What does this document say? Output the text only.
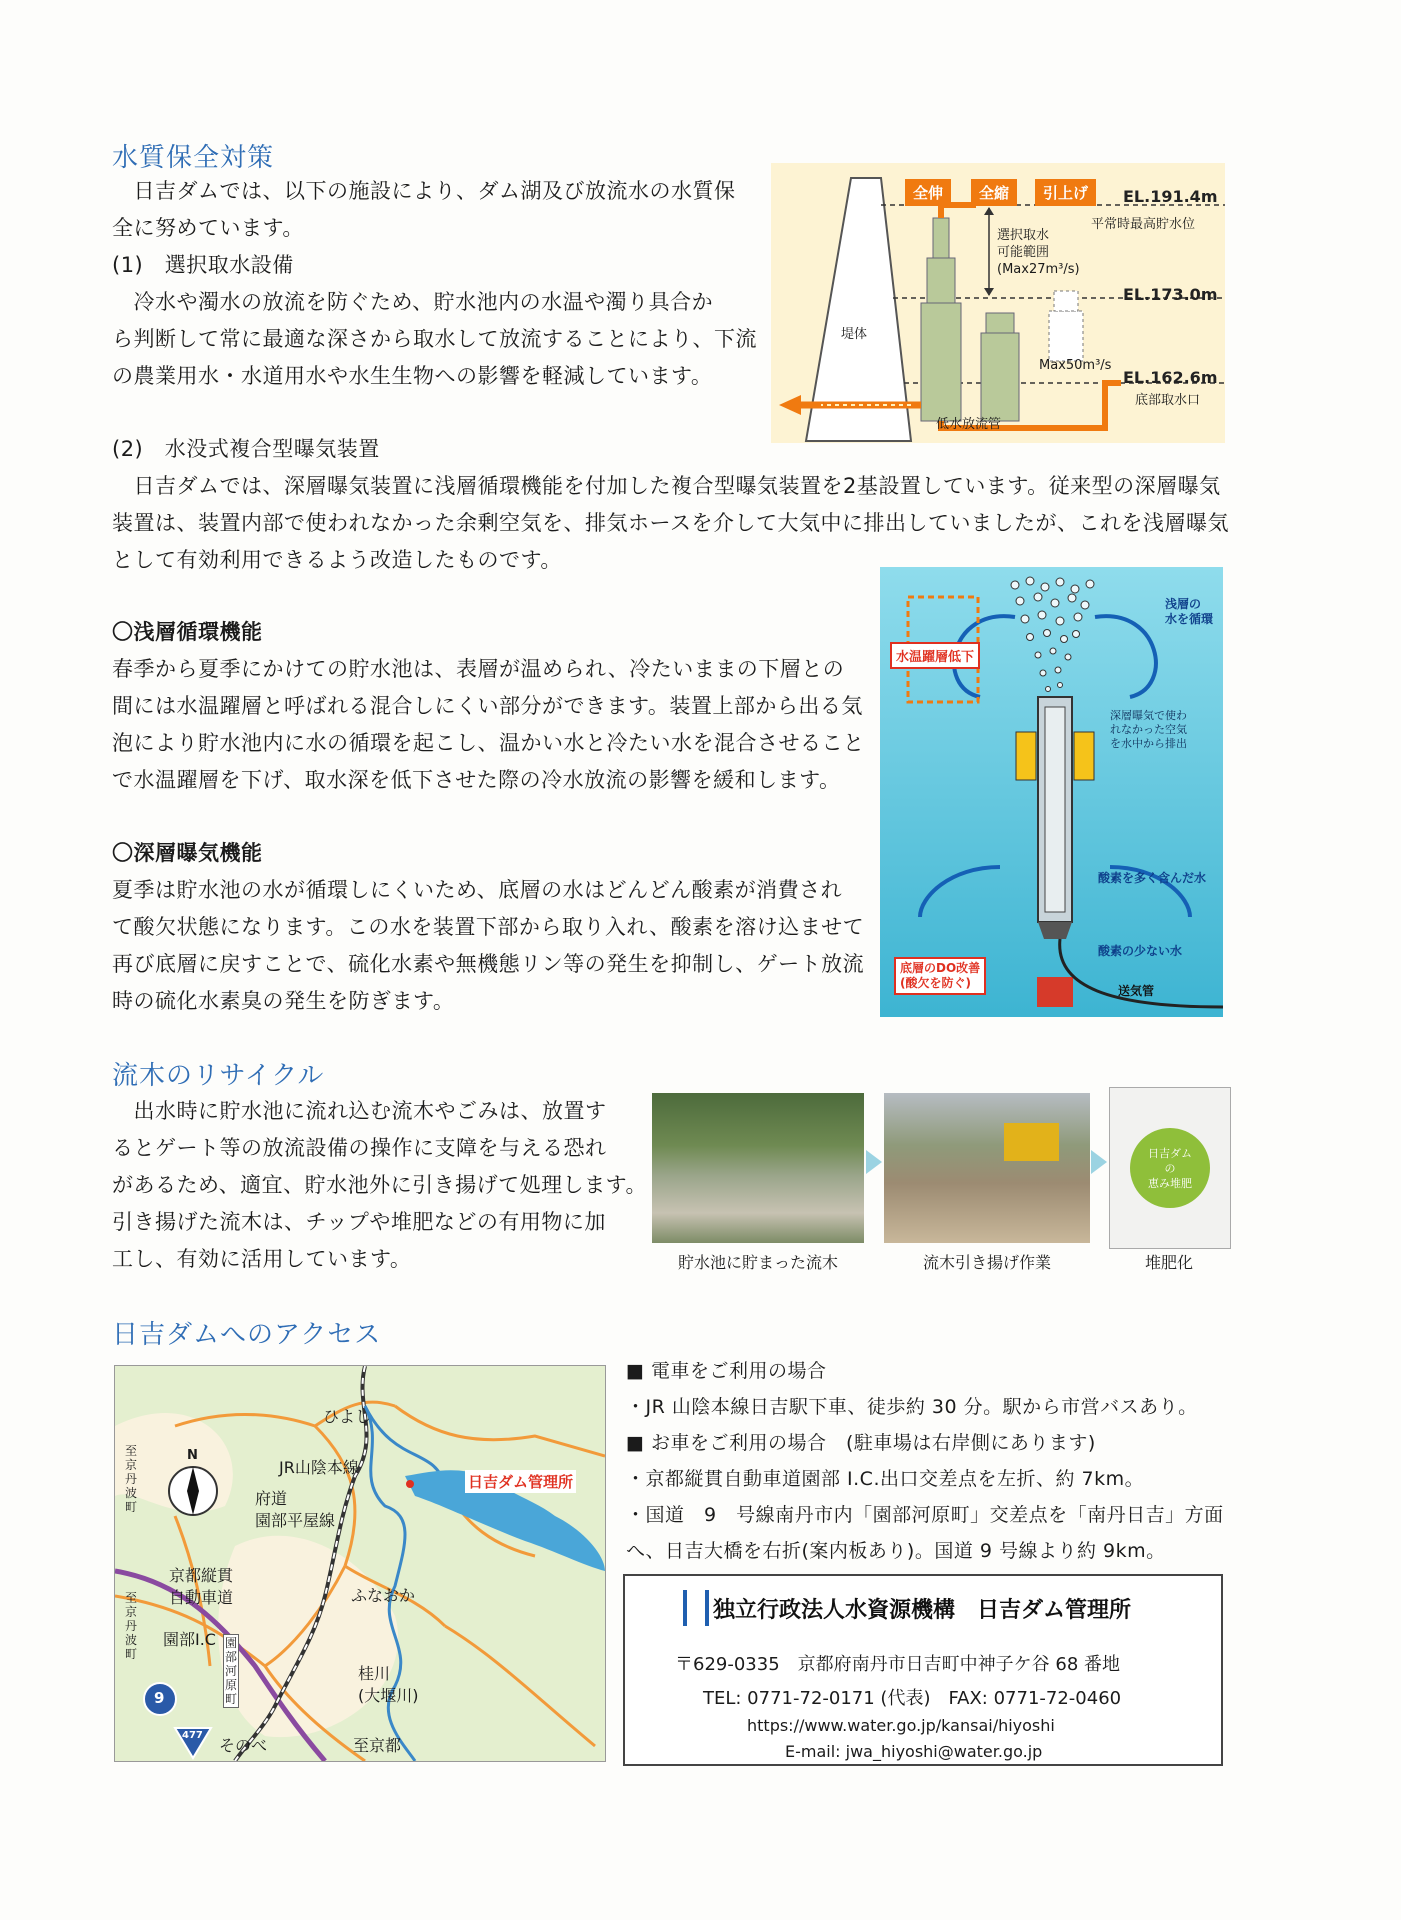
水質保全対策
　日吉ダムでは、以下の施設により、ダム湖及び放流水の水質保
全に努めています。
(1)　選択取水設備
　冷水や濁水の放流を防ぐため、貯水池内の水温や濁り具合か
ら判断して常に最適な深さから取水して放流することにより、下流
の農業用水・水道用水や水生生物への影響を軽減しています。
全伸	全縮	引上げ	EL.191.4m
平常時最高貯水位
EL.173.0m
EL.162.6m
底部取水口
選択取水
可能範囲
(Max27m³/s)
Max50m³/s
堤体
低水放流管
(2)　水没式複合型曝気装置
　日吉ダムでは、深層曝気装置に浅層循環機能を付加した複合型曝気装置を2基設置しています。従来型の深層曝気
装置は、装置内部で使われなかった余剰空気を、排気ホースを介して大気中に排出していましたが、これを浅層曝気
として有効利用できるよう改造したものです。
〇浅層循環機能
春季から夏季にかけての貯水池は、表層が温められ、冷たいままの下層との
間には水温躍層と呼ばれる混合しにくい部分ができます。装置上部から出る気
泡により貯水池内に水の循環を起こし、温かい水と冷たい水を混合させること
で水温躍層を下げ、取水深を低下させた際の冷水放流の影響を緩和します。
〇深層曝気機能
夏季は貯水池の水が循環しにくいため、底層の水はどんどん酸素が消費され
て酸欠状態になります。この水を装置下部から取り入れ、酸素を溶け込ませて
再び底層に戻すことで、硫化水素や無機態リン等の発生を抑制し、ゲート放流
時の硫化水素臭の発生を防ぎます。
水温躍層低下
浅層の
水を循環
深層曝気で使わ
れなかった空気
を水中から排出
酸素を多く含んだ水
酸素の少ない水
底層のDO改善
(酸欠を防ぐ)
送気管
流木のリサイクル
　出水時に貯水池に流れ込む流木やごみは、放置す
るとゲート等の放流設備の操作に支障を与える恐れ
があるため、適宜、貯水池外に引き揚げて処理します。
引き揚げた流木は、チップや堆肥などの有用物に加
工し、有効に活用しています。
日吉ダム
の
恵み堆肥
貯水池に貯まった流木	流木引き揚げ作業	堆肥化
日吉ダムへのアクセス
N
ひよし
JR山陰本線
府道
園部平屋線
京都縦貫
自動車道
園部I.C
ふなおか
桂川
(大堰川)
園
部
河
原
町
そのべ	至京都
至
京
丹
波
町
至
京
丹
波
町
9
477
日吉ダム管理所
■ 電車をご利用の場合
・JR 山陰本線日吉駅下車、徒歩約 30 分。駅から市営バスあり。
■ お車をご利用の場合　(駐車場は右岸側にあります)
・京都縦貫自動車道園部 I.C.出口交差点を左折、約 7km。
・国道　9　号線南丹市内「園部河原町」交差点を「南丹日吉」方面
へ、日吉大橋を右折(案内板あり)。国道 9 号線より約 9km。
独立行政法人水資源機構　日吉ダム管理所
〒629-0335　京都府南丹市日吉町中神子ケ谷 68 番地
TEL: 0771-72-0171 (代表)　FAX: 0771-72-0460
https://www.water.go.jp/kansai/hiyoshi
E-mail: jwa_hiyoshi@water.go.jp
